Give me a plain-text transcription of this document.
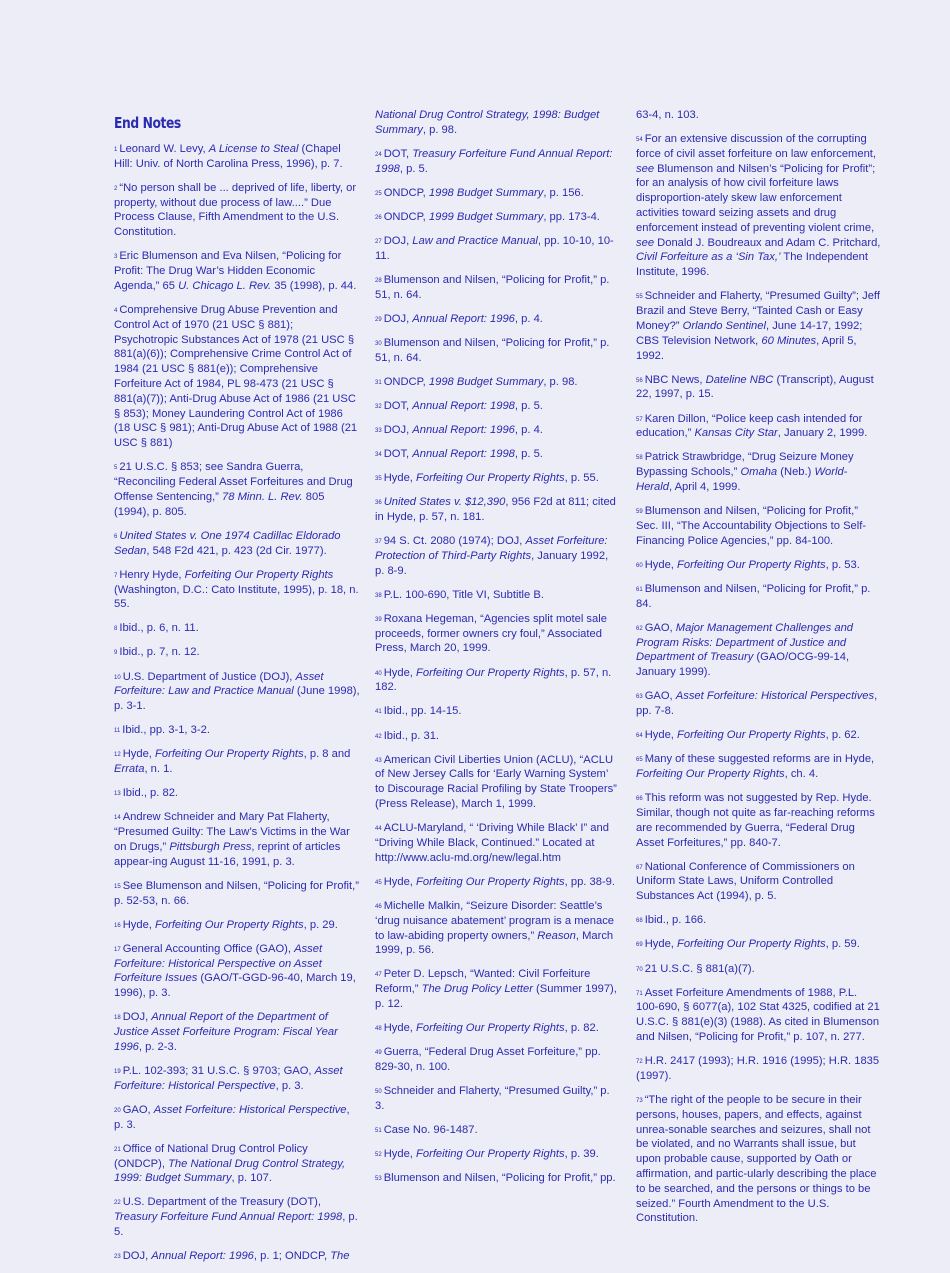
End Notes
$^1$ Leonard W. Levy, A License to Steal (Chapel Hill: Univ. of North Carolina Press, 1996), p. 7.
$^2$ “No person shall be ... deprived of life, liberty, or property, without due process of law....” Due Process Clause, Fifth Amendment to the U.S. Constitution.
$^3$ Eric Blumenson and Eva Nilsen, “Policing for Profit: The Drug War’s Hidden Economic Agenda,” 65 U. Chicago L. Rev. 35 (1998), p. 44.
$^4$ Comprehensive Drug Abuse Prevention and Control Act of 1970 (21 USC § 881); Psychotropic Substances Act of 1978 (21 USC § 881(a)(6)); Comprehensive Crime Control Act of 1984 (21 USC § 881(e)); Comprehensive Forfeiture Act of 1984, PL 98-473 (21 USC § 881(a)(7)); Anti-Drug Abuse Act of 1986 (21 USC § 853); Money Laundering Control Act of 1986 (18 USC § 981); Anti-Drug Abuse Act of 1988 (21 USC § 881)
$^5$ 21 U.S.C. § 853; see Sandra Guerra, “Reconciling Federal Asset Forfeitures and Drug Offense Sentencing,” 78 Minn. L. Rev. 805 (1994), p. 805.
$^6$ United States v. One 1974 Cadillac Eldorado Sedan, 548 F2d 421, p. 423 (2d Cir. 1977).
$^7$ Henry Hyde, Forfeiting Our Property Rights (Washington, D.C.: Cato Institute, 1995), p. 18, n. 55.
$^8$ Ibid., p. 6, n. 11.
$^9$ Ibid., p. 7, n. 12.
$^{10}$ U.S. Department of Justice (DOJ), Asset Forfeiture: Law and Practice Manual (June 1998), p. 3-1.
$^{11}$ Ibid., pp. 3-1, 3-2.
$^{12}$ Hyde, Forfeiting Our Property Rights, p. 8 and Errata, n. 1.
$^{13}$ Ibid., p. 82.
$^{14}$ Andrew Schneider and Mary Pat Flaherty, “Presumed Guilty: The Law’s Victims in the War on Drugs,” Pittsburgh Press, reprint of articles appear-ing August 11-16, 1991, p. 3.
$^{15}$ See Blumenson and Nilsen, “Policing for Profit,” p. 52-53, n. 66.
$^{16}$ Hyde, Forfeiting Our Property Rights, p. 29.
$^{17}$ General Accounting Office (GAO), Asset Forfeiture: Historical Perspective on Asset Forfeiture Issues (GAO/T-GGD-96-40, March 19, 1996), p. 3.
$^{18}$ DOJ, Annual Report of the Department of Justice Asset Forfeiture Program: Fiscal Year 1996, p. 2-3.
$^{19}$ P.L. 102-393; 31 U.S.C. § 9703; GAO, Asset Forfeiture: Historical Perspective, p. 3.
$^{20}$ GAO, Asset Forfeiture: Historical Perspective, p. 3.
$^{21}$ Office of National Drug Control Policy (ONDCP), The National Drug Control Strategy, 1999: Budget Summary, p. 107.
$^{22}$ U.S. Department of the Treasury (DOT), Treasury Forfeiture Fund Annual Report: 1998, p. 5.
$^{23}$ DOJ, Annual Report: 1996, p. 1; ONDCP, The
National Drug Control Strategy, 1998: Budget Summary, p. 98.
$^{24}$ DOT, Treasury Forfeiture Fund Annual Report: 1998, p. 5.
$^{25}$ ONDCP, 1998 Budget Summary, p. 156.
$^{26}$ ONDCP, 1999 Budget Summary, pp. 173-4.
$^{27}$ DOJ, Law and Practice Manual, pp. 10-10, 10-11.
$^{28}$ Blumenson and Nilsen, “Policing for Profit,” p. 51, n. 64.
$^{29}$ DOJ, Annual Report: 1996, p. 4.
$^{30}$ Blumenson and Nilsen, “Policing for Profit,” p. 51, n. 64.
$^{31}$ ONDCP, 1998 Budget Summary, p. 98.
$^{32}$ DOT, Annual Report: 1998, p. 5.
$^{33}$ DOJ, Annual Report: 1996, p. 4.
$^{34}$ DOT, Annual Report: 1998, p. 5.
$^{35}$ Hyde, Forfeiting Our Property Rights, p. 55.
$^{36}$ United States v. $12,390, 956 F2d at 811; cited in Hyde, p. 57, n. 181.
$^{37}$ 94 S. Ct. 2080 (1974); DOJ, Asset Forfeiture: Protection of Third-Party Rights, January 1992, p. 8-9.
$^{38}$ P.L. 100-690, Title VI, Subtitle B.
$^{39}$ Roxana Hegeman, “Agencies split motel sale proceeds, former owners cry foul,” Associated Press, March 20, 1999.
$^{40}$ Hyde, Forfeiting Our Property Rights, p. 57, n. 182.
$^{41}$ Ibid., pp. 14-15.
$^{42}$ Ibid., p. 31.
$^{43}$ American Civil Liberties Union (ACLU), “ACLU of New Jersey Calls for ‘Early Warning System’ to Discourage Racial Profiling by State Troopers” (Press Release), March 1, 1999.
$^{44}$ ACLU-Maryland, “ ‘Driving While Black’ I” and “Driving While Black, Continued.” Located at http://www.aclu-md.org/new/legal.htm
$^{45}$ Hyde, Forfeiting Our Property Rights, pp. 38-9.
$^{46}$ Michelle Malkin, “Seizure Disorder: Seattle’s ‘drug nuisance abatement’ program is a menace to law-abiding property owners,” Reason, March 1999, p. 56.
$^{47}$ Peter D. Lepsch, “Wanted: Civil Forfeiture Reform,” The Drug Policy Letter (Summer 1997), p. 12.
$^{48}$ Hyde, Forfeiting Our Property Rights, p. 82.
$^{49}$ Guerra, “Federal Drug Asset Forfeiture,” pp. 829-30, n. 100.
$^{50}$ Schneider and Flaherty, “Presumed Guilty,” p. 3.
$^{51}$ Case No. 96-1487.
$^{52}$ Hyde, Forfeiting Our Property Rights, p. 39.
$^{53}$ Blumenson and Nilsen, “Policing for Profit,” pp.
63-4, n. 103.
$^{54}$ For an extensive discussion of the corrupting force of civil asset forfeiture on law enforcement, see Blumenson and Nilsen’s “Policing for Profit”; for an analysis of how civil forfeiture laws disproportion-ately skew law enforcement activities toward seizing assets and drug enforcement instead of preventing violent crime, see Donald J. Boudreaux and Adam C. Pritchard, Civil Forfeiture as a ‘Sin Tax,’ The Independent Institute, 1996.
$^{55}$ Schneider and Flaherty, “Presumed Guilty”; Jeff Brazil and Steve Berry, “Tainted Cash or Easy Money?” Orlando Sentinel, June 14-17, 1992; CBS Television Network, 60 Minutes, April 5, 1992.
$^{56}$ NBC News, Dateline NBC (Transcript), August 22, 1997, p. 15.
$^{57}$ Karen Dillon, “Police keep cash intended for education,” Kansas City Star, January 2, 1999.
$^{58}$ Patrick Strawbridge, “Drug Seizure Money Bypassing Schools,” Omaha (Neb.) World-Herald, April 4, 1999.
$^{59}$ Blumenson and Nilsen, “Policing for Profit,” Sec. III, “The Accountability Objections to Self-Financing Police Agencies,” pp. 84-100.
$^{60}$ Hyde, Forfeiting Our Property Rights, p. 53.
$^{61}$ Blumenson and Nilsen, “Policing for Profit,” p. 84.
$^{62}$ GAO, Major Management Challenges and Program Risks: Department of Justice and Department of Treasury (GAO/OCG-99-14, January 1999).
$^{63}$ GAO, Asset Forfeiture: Historical Perspectives, pp. 7-8.
$^{64}$ Hyde, Forfeiting Our Property Rights, p. 62.
$^{65}$ Many of these suggested reforms are in Hyde, Forfeiting Our Property Rights, ch. 4.
$^{66}$ This reform was not suggested by Rep. Hyde. Similar, though not quite as far-reaching reforms are recommended by Guerra, “Federal Drug Asset Forfeitures,” pp. 840-7.
$^{67}$ National Conference of Commissioners on Uniform State Laws, Uniform Controlled Substances Act (1994), p. 5.
$^{68}$ Ibid., p. 166.
$^{69}$ Hyde, Forfeiting Our Property Rights, p. 59.
$^{70}$ 21 U.S.C. § 881(a)(7).
$^{71}$ Asset Forfeiture Amendments of 1988, P.L. 100-690, § 6077(a), 102 Stat 4325, codified at 21 U.S.C. § 881(e)(3) (1988). As cited in Blumenson and Nilsen, “Policing for Profit,” p. 107, n. 277.
$^{72}$ H.R. 2417 (1993); H.R. 1916 (1995); H.R. 1835 (1997).
$^{73}$ “The right of the people to be secure in their persons, houses, papers, and effects, against unrea-sonable searches and seizures, shall not be violated, and no Warrants shall issue, but upon probable cause, supported by Oath or affirmation, and partic-ularly describing the place to be searched, and the persons or things to be seized.” Fourth Amendment to the U.S. Constitution.
